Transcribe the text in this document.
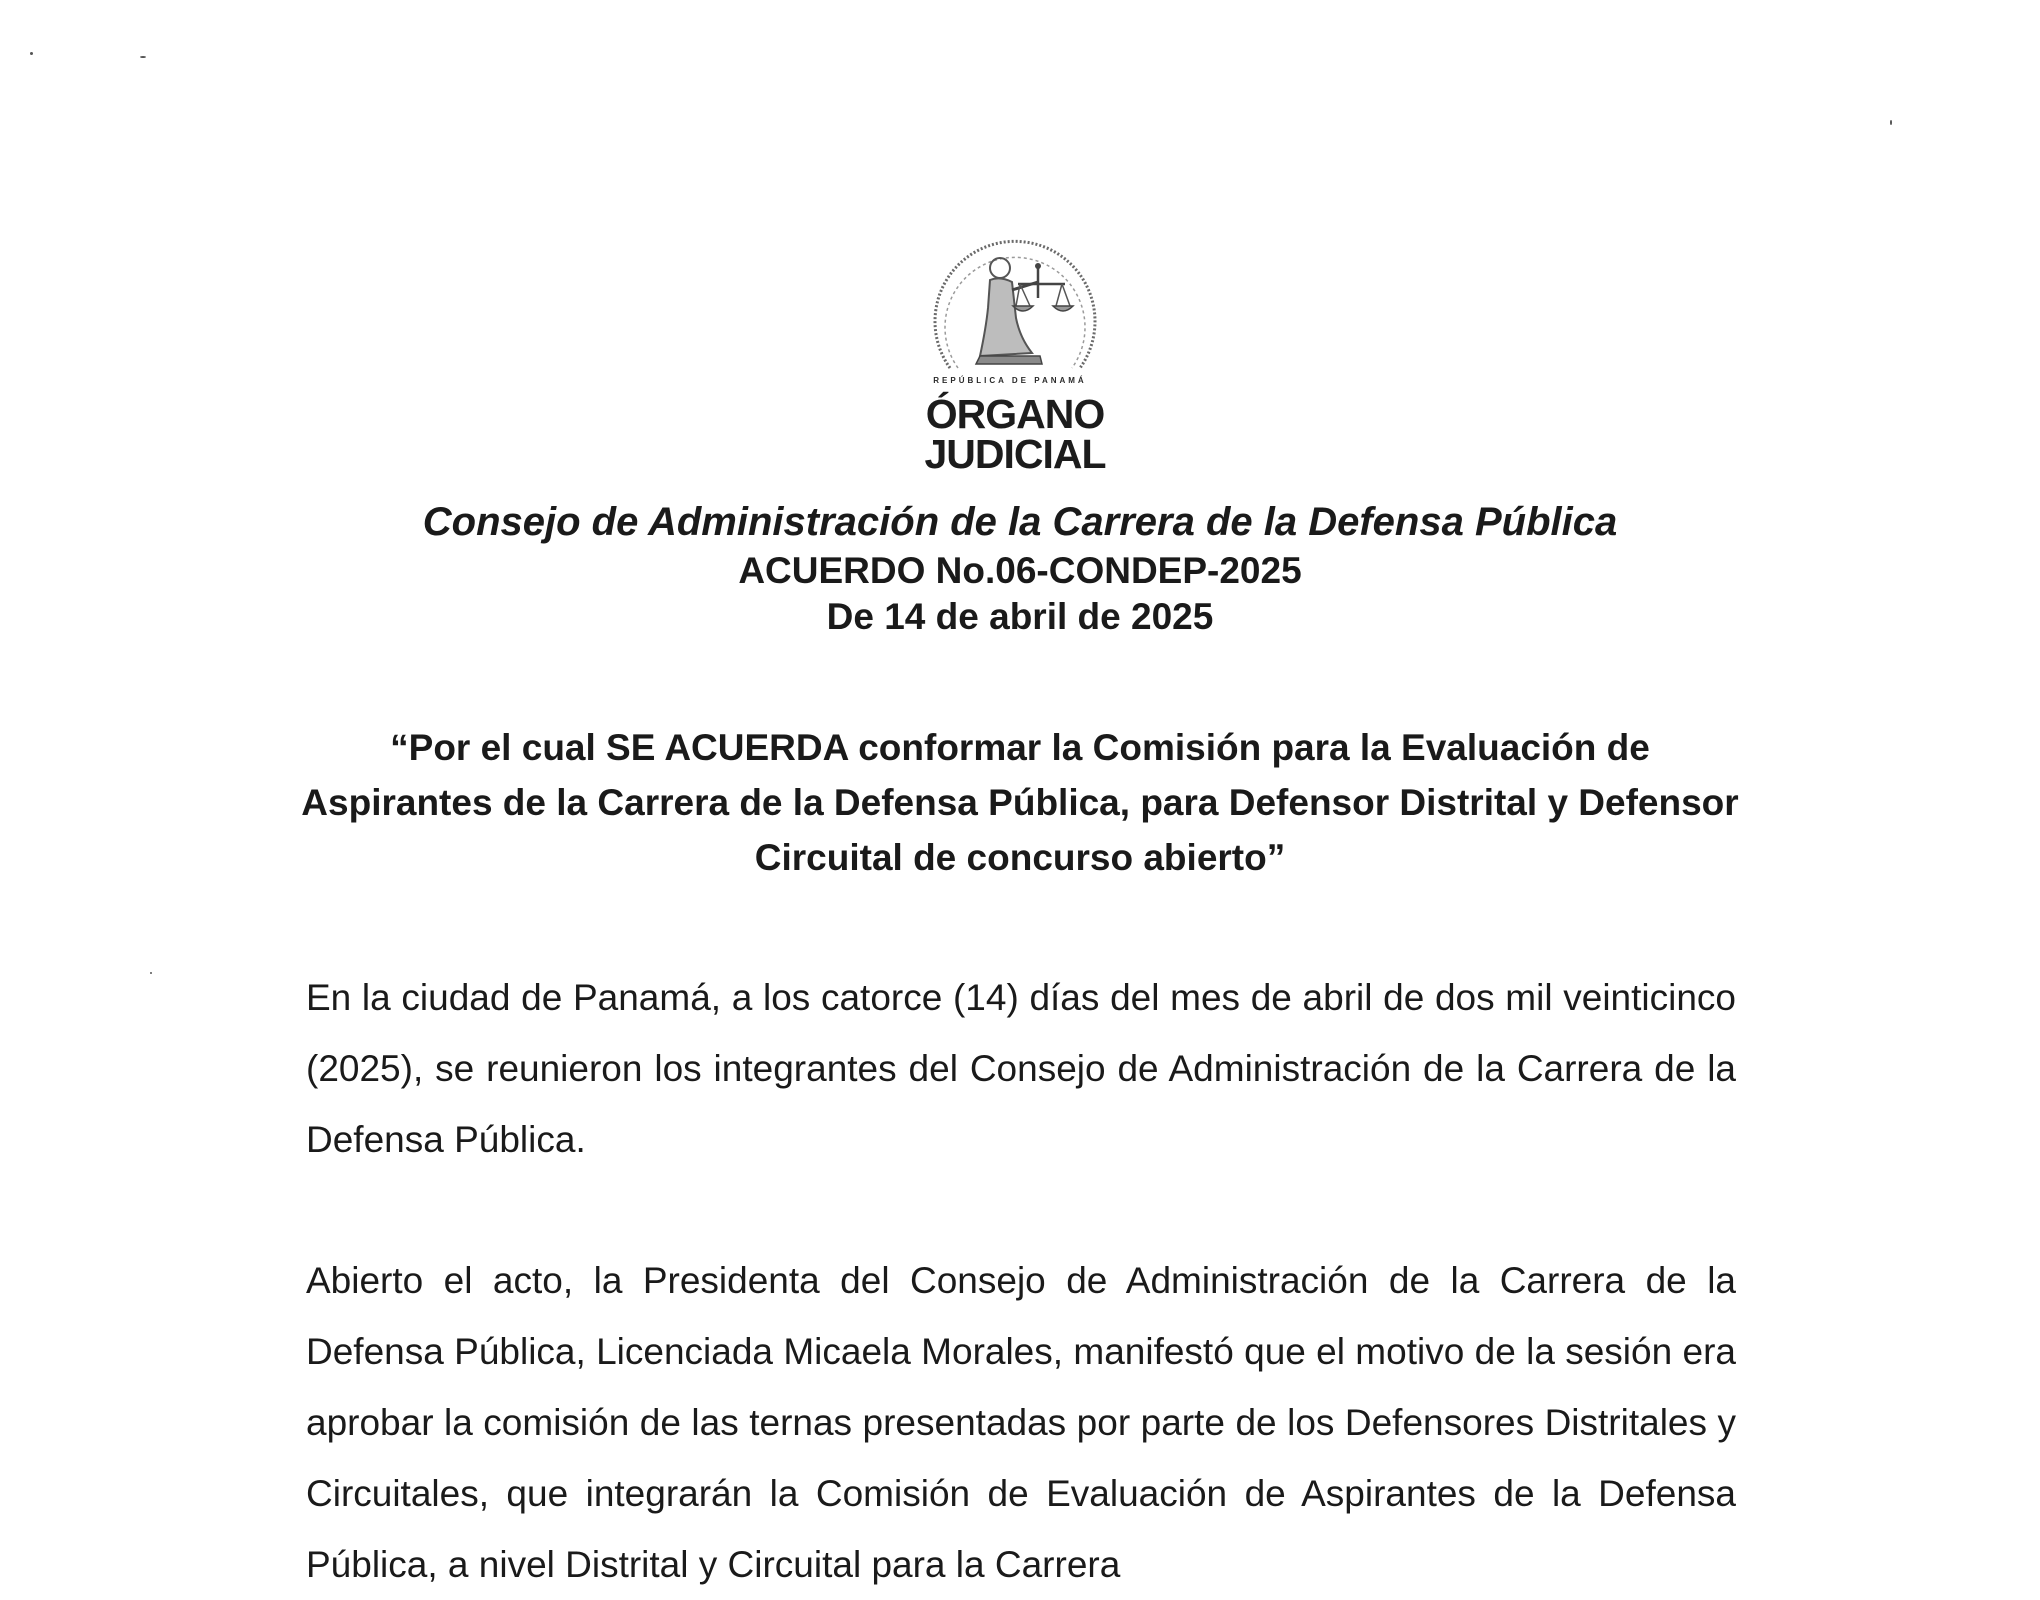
REPÚBLICA DE PANAMÁ
ÓRGANO
JUDICIAL
Consejo de Administración de la Carrera de la Defensa Pública
ACUERDO No.06-CONDEP-2025
De 14 de abril de 2025
“Por el cual SE ACUERDA conformar la Comisión para la Evaluación de Aspirantes de la Carrera de la Defensa Pública, para Defensor Distrital y Defensor Circuital de concurso abierto”
En la ciudad de Panamá, a los catorce (14) días del mes de abril de dos mil veinticinco (2025), se reunieron los integrantes del Consejo de Administración de la Carrera de la Defensa Pública.
Abierto el acto, la Presidenta del Consejo de Administración de la Carrera de la Defensa Pública, Licenciada Micaela Morales, manifestó que el motivo de la sesión era aprobar la comisión de las ternas presentadas por parte de los Defensores Distritales y Circuitales, que integrarán la Comisión de Evaluación de Aspirantes de la Defensa Pública, a nivel Distrital y Circuital para la Carrera
